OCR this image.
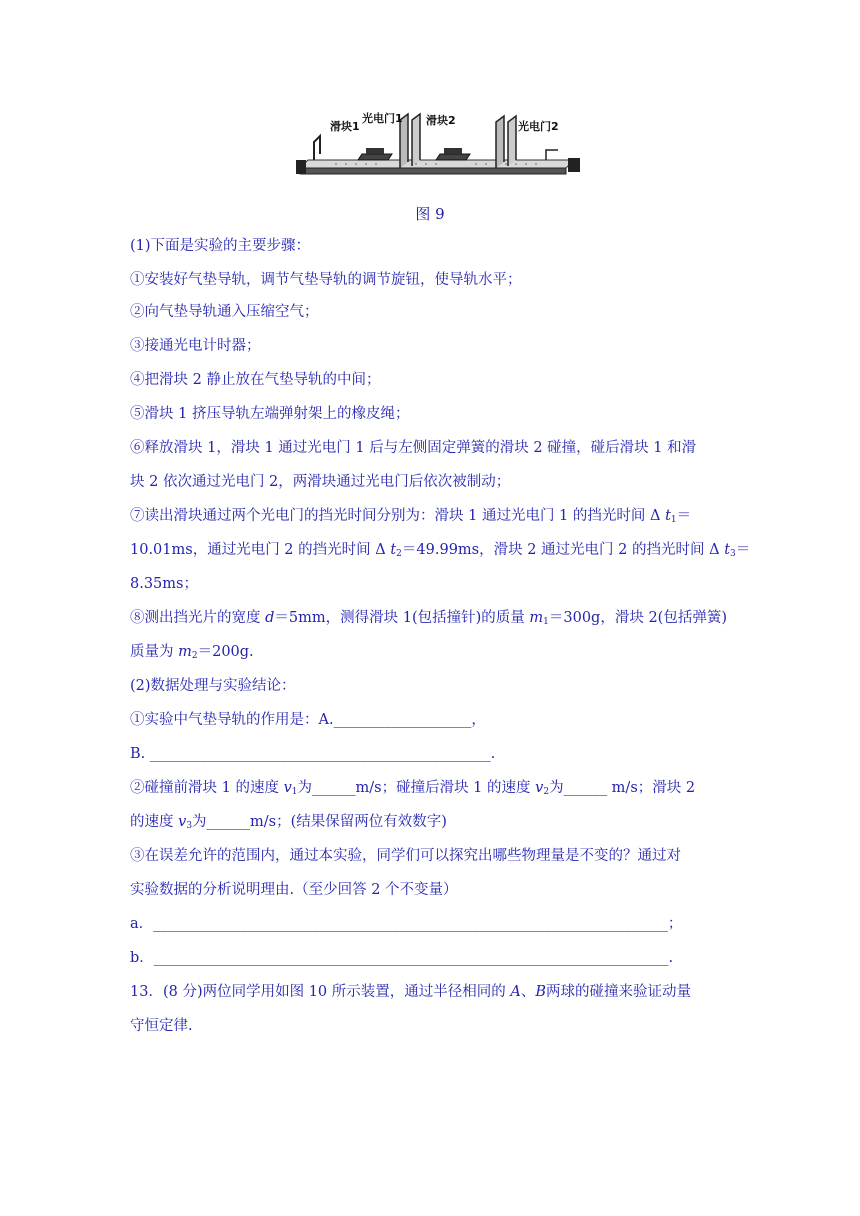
滑块1
光电门1 滑块2	光电门2
图 9
(1)下面是实验的主要步骤：
①安装好气垫导轨，调节气垫导轨的调节旋钮，使导轨水平；
②向气垫导轨通入压缩空气；
③接通光电计时器；
④把滑块 2 静止放在气垫导轨的中间；
⑤滑块 1 挤压导轨左端弹射架上的橡皮绳；
⑥释放滑块 1，滑块 1 通过光电门 1 后与左侧固定弹簧的滑块 2 碰撞，碰后滑块 1 和滑
块 2 依次通过光电门 2，两滑块通过光电门后依次被制动；
⑦读出滑块通过两个光电门的挡光时间分别为：滑块 1 通过光电门 1 的挡光时间 Δ $t_1=$
10.01ms，通过光电门 2 的挡光时间 Δ $t_2=49.99ms$，滑块 2 通过光电门 2 的挡光时间 Δ $t_3=$
8.35ms；
⑧测出挡光片的宽度 d＝5mm，测得滑块 1(包括撞针)的质量 $m_1=300g$，滑块 2(包括弹簧)
质量为 $m_2=200g$.
(2)数据处理与实验结论：
①实验中气垫导轨的作用是：A.___________________，
B. _______________________________________________.
②碰撞前滑块 1 的速度 $v_1$为______m/s；碰撞后滑块 1 的速度 $v_2$为______ m/s；滑块 2
的速度 $v_3$为______m/s；(结果保留两位有效数字)
③在误差允许的范围内，通过本实验，同学们可以探究出哪些物理量是不变的？通过对
实验数据的分析说明理由.（至少回答 2 个不变量）
a．_______________________________________________________________________；
b．_______________________________________________________________________.
13．(8 分)两位同学用如图 10 所示装置，通过半径相同的 A、B两球的碰撞来验证动量
守恒定律.
